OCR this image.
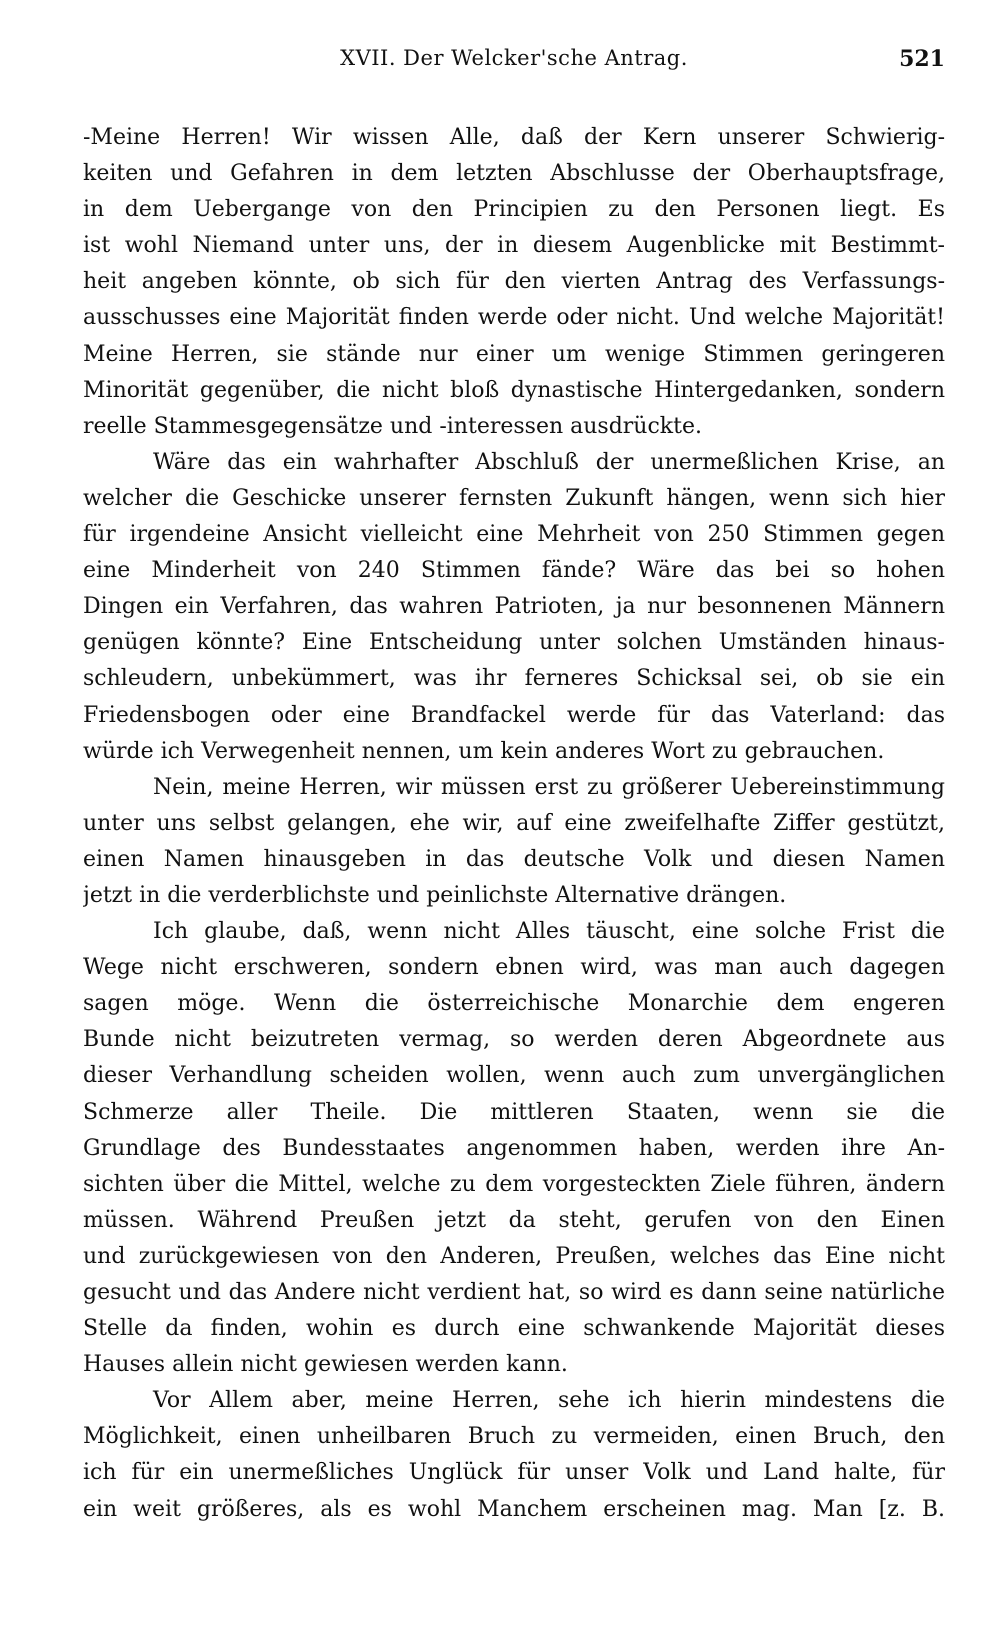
XVII. Der Welcker'sche Antrag.	521
-Meine Herren! Wir wissen Alle, daß der Kern unserer Schwierig-
keiten und Gefahren in dem letzten Abschlusse der Oberhauptsfrage,
in dem Uebergange von den Principien zu den Personen liegt. Es
ist wohl Niemand unter uns, der in diesem Augenblicke mit Bestimmt-
heit angeben könnte, ob sich für den vierten Antrag des Verfassungs-
ausschusses eine Majorität finden werde oder nicht. Und welche Majorität!
Meine Herren, sie stände nur einer um wenige Stimmen geringeren
Minorität gegenüber, die nicht bloß dynastische Hintergedanken, sondern
reelle Stammesgegensätze und -interessen ausdrückte.
Wäre das ein wahrhafter Abschluß der unermeßlichen Krise, an
welcher die Geschicke unserer fernsten Zukunft hängen, wenn sich hier
für irgendeine Ansicht vielleicht eine Mehrheit von 250 Stimmen gegen
eine Minderheit von 240 Stimmen fände? Wäre das bei so hohen
Dingen ein Verfahren, das wahren Patrioten, ja nur besonnenen Männern
genügen könnte? Eine Entscheidung unter solchen Umständen hinaus-
schleudern, unbekümmert, was ihr ferneres Schicksal sei, ob sie ein
Friedensbogen oder eine Brandfackel werde für das Vaterland: das
würde ich Verwegenheit nennen, um kein anderes Wort zu gebrauchen.
Nein, meine Herren, wir müssen erst zu größerer Uebereinstimmung
unter uns selbst gelangen, ehe wir, auf eine zweifelhafte Ziffer gestützt,
einen Namen hinausgeben in das deutsche Volk und diesen Namen
jetzt in die verderblichste und peinlichste Alternative drängen.
Ich glaube, daß, wenn nicht Alles täuscht, eine solche Frist die
Wege nicht erschweren, sondern ebnen wird, was man auch dagegen
sagen möge. Wenn die österreichische Monarchie dem engeren
Bunde nicht beizutreten vermag, so werden deren Abgeordnete aus
dieser Verhandlung scheiden wollen, wenn auch zum unvergänglichen
Schmerze aller Theile. Die mittleren Staaten, wenn sie die
Grundlage des Bundesstaates angenommen haben, werden ihre An-
sichten über die Mittel, welche zu dem vorgesteckten Ziele führen, ändern
müssen. Während Preußen jetzt da steht, gerufen von den Einen
und zurückgewiesen von den Anderen, Preußen, welches das Eine nicht
gesucht und das Andere nicht verdient hat, so wird es dann seine natürliche
Stelle da finden, wohin es durch eine schwankende Majorität dieses
Hauses allein nicht gewiesen werden kann.
Vor Allem aber, meine Herren, sehe ich hierin mindestens die
Möglichkeit, einen unheilbaren Bruch zu vermeiden, einen Bruch, den
ich für ein unermeßliches Unglück für unser Volk und Land halte, für
ein weit größeres, als es wohl Manchem erscheinen mag. Man [z. B.
